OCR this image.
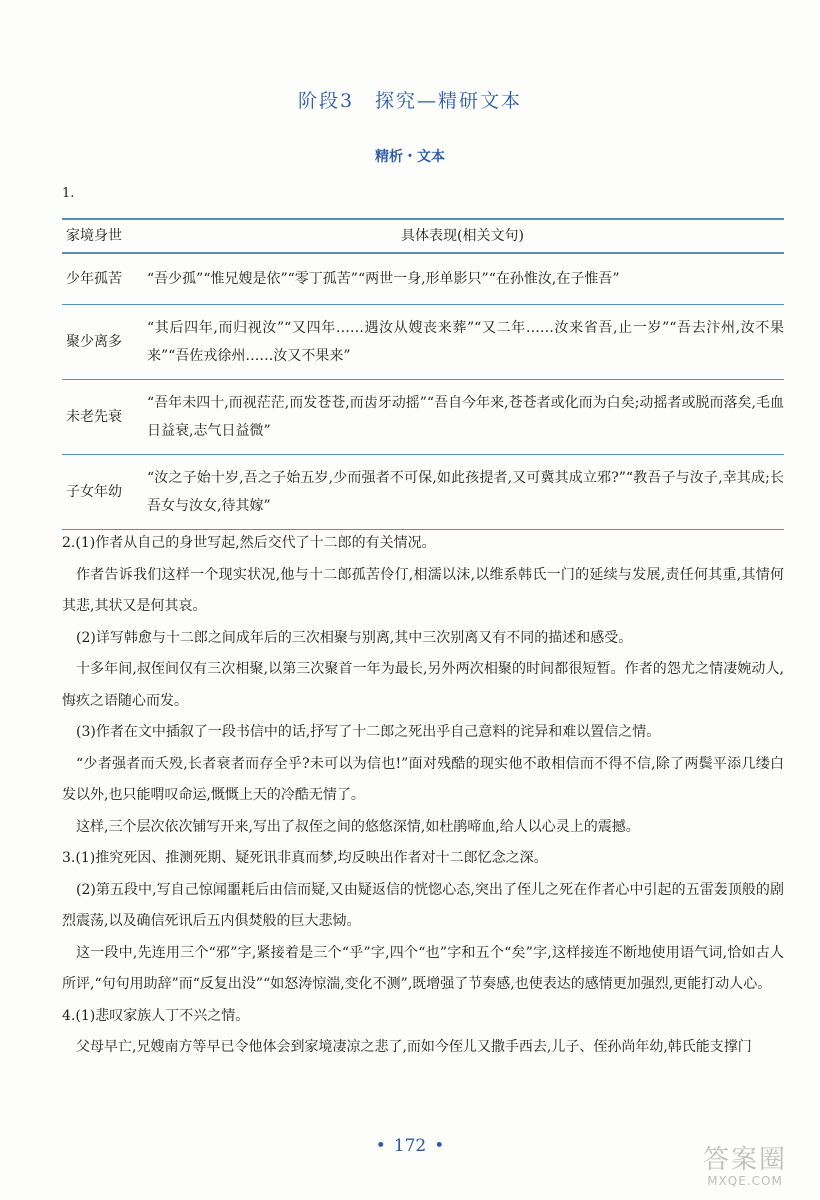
阶段3　探究—精研文本
精析・文本
1.
家境身世	具体表现(相关文句)
少年孤苦	“吾少孤”“惟兄嫂是依”“零丁孤苦”“两世一身,形单影只”“在孙惟汝,在子惟吾”
聚少离多	“其后四年,而归视汝”“又四年……遇汝从嫂丧来葬”“又二年……汝来省吾,止一岁”“吾去汴州,汝不果来”“吾佐戎徐州……汝又不果来”
未老先衰	“吾年未四十,而视茫茫,而发苍苍,而齿牙动摇”“吾自今年来,苍苍者或化而为白矣;动摇者或脱而落矣,毛血日益衰,志气日益微”
子女年幼	“汝之子始十岁,吾之子始五岁,少而强者不可保,如此孩提者,又可冀其成立邪?”“教吾子与汝子,幸其成;长吾女与汝女,待其嫁”

2.(1)作者从自己的身世写起,然后交代了十二郎的有关情况。

作者告诉我们这样一个现实状况,他与十二郎孤苦伶仃,相濡以沫,以维系韩氏一门的延续与发展,责任何其重,其情何其悲,其状又是何其哀。

(2)详写韩愈与十二郎之间成年后的三次相聚与别离,其中三次别离又有不同的描述和感受。

十多年间,叔侄间仅有三次相聚,以第三次聚首一年为最长,另外两次相聚的时间都很短暂。作者的怨尤之情凄婉动人,悔疚之语随心而发。

(3)作者在文中插叙了一段书信中的话,抒写了十二郎之死出乎自己意料的诧异和难以置信之情。

“少者强者而夭殁,长者衰者而存全乎?未可以为信也!”面对残酷的现实他不敢相信而不得不信,除了两鬓平添几缕白发以外,也只能喟叹命运,慨慨上天的冷酷无情了。

这样,三个层次依次铺写开来,写出了叔侄之间的悠悠深情,如杜鹃啼血,给人以心灵上的震撼。

3.(1)推究死因、推测死期、疑死讯非真而梦,均反映出作者对十二郎忆念之深。

(2)第五段中,写自己惊闻噩耗后由信而疑,又由疑返信的恍惚心态,突出了侄儿之死在作者心中引起的五雷轰顶般的剧烈震荡,以及确信死讯后五内俱焚般的巨大悲恸。

这一段中,先连用三个“邪”字,紧接着是三个“乎”字,四个“也”字和五个“矣”字,这样接连不断地使用语气词,恰如古人所评,“句句用助辞”而“反复出没”“如怒涛惊湍,变化不测”,既增强了节奏感,也使表达的感情更加强烈,更能打动人心。

4.(1)悲叹家族人丁不兴之情。

父母早亡,兄嫂南方等早已令他体会到家境凄凉之悲了,而如今侄儿又撒手西去,儿子、侄孙尚年幼,韩氏能支撑门

• 172 •	答案圈
MXQE.COM
